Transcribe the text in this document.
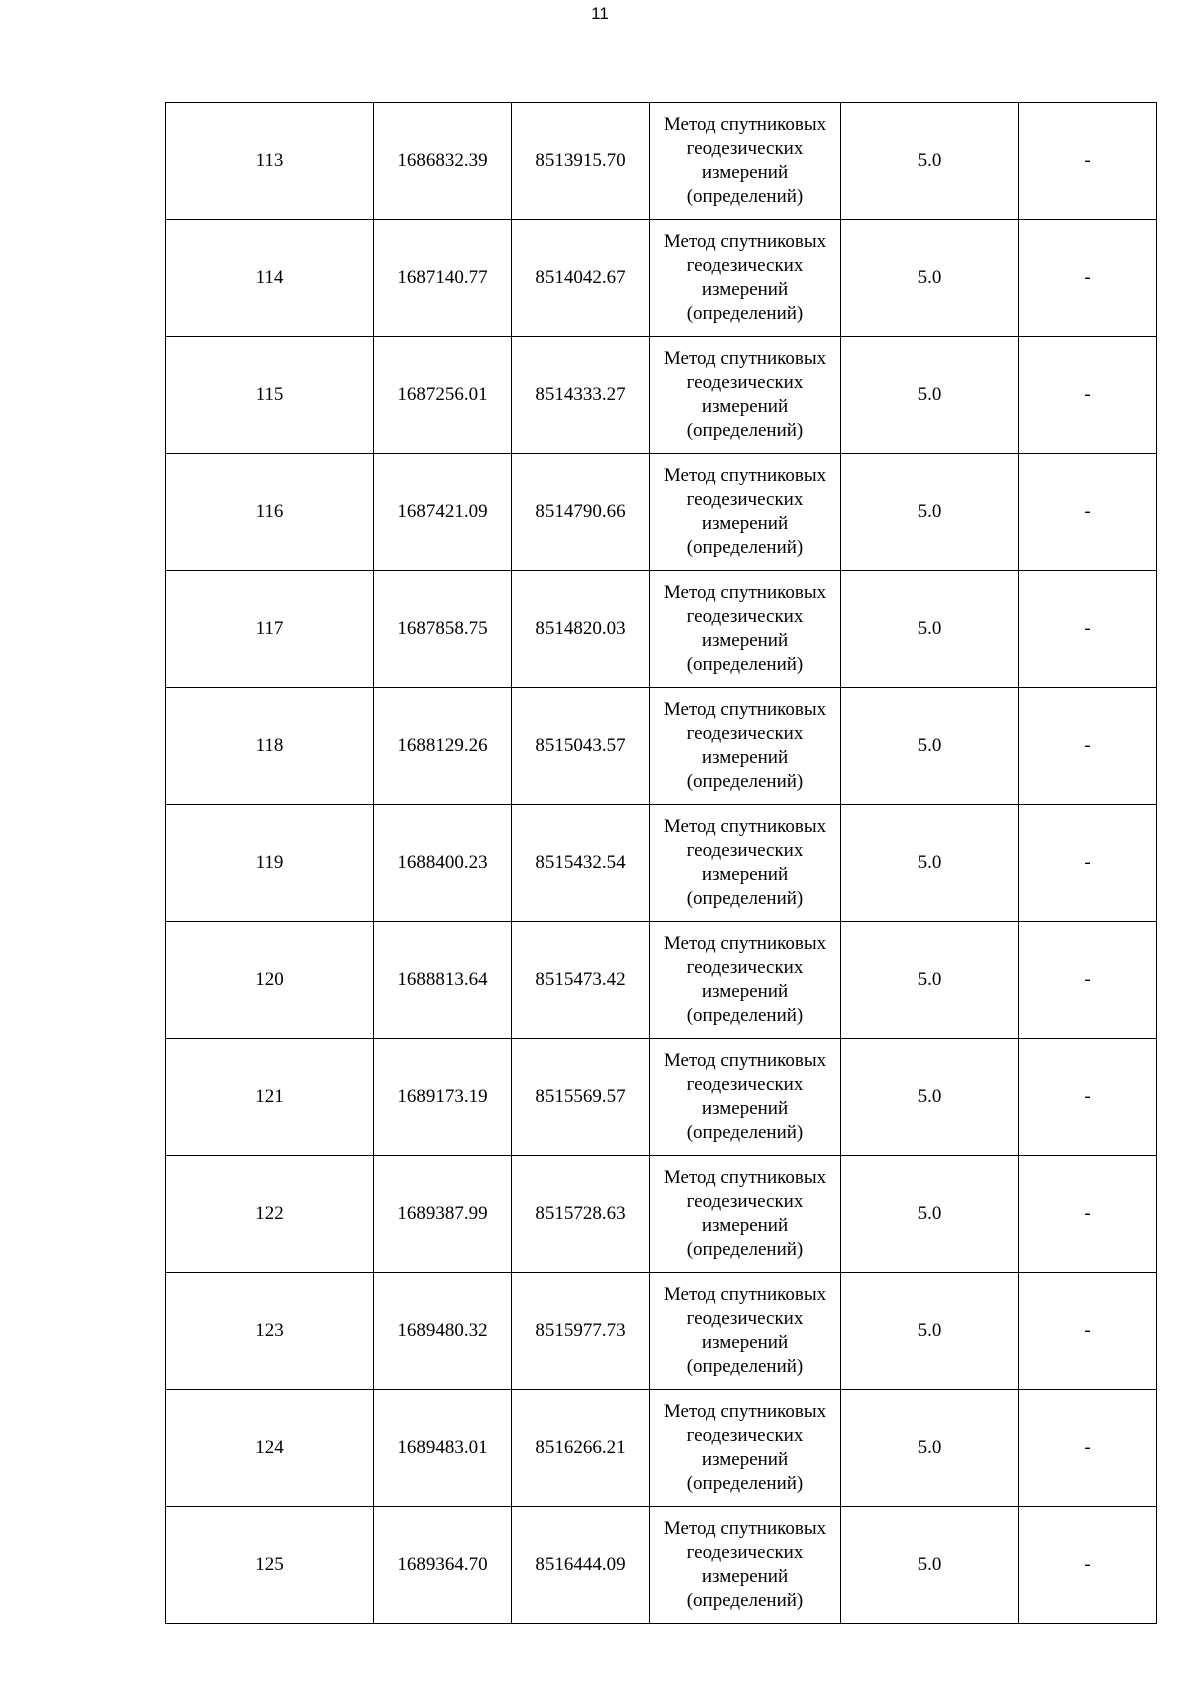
11
113	1686832.39	8513915.70	Метод спутниковых геодезических измерений (определений)	5.0	-
114	1687140.77	8514042.67	Метод спутниковых геодезических измерений (определений)	5.0	-
115	1687256.01	8514333.27	Метод спутниковых геодезических измерений (определений)	5.0	-
116	1687421.09	8514790.66	Метод спутниковых геодезических измерений (определений)	5.0	-
117	1687858.75	8514820.03	Метод спутниковых геодезических измерений (определений)	5.0	-
118	1688129.26	8515043.57	Метод спутниковых геодезических измерений (определений)	5.0	-
119	1688400.23	8515432.54	Метод спутниковых геодезических измерений (определений)	5.0	-
120	1688813.64	8515473.42	Метод спутниковых геодезических измерений (определений)	5.0	-
121	1689173.19	8515569.57	Метод спутниковых геодезических измерений (определений)	5.0	-
122	1689387.99	8515728.63	Метод спутниковых геодезических измерений (определений)	5.0	-
123	1689480.32	8515977.73	Метод спутниковых геодезических измерений (определений)	5.0	-
124	1689483.01	8516266.21	Метод спутниковых геодезических измерений (определений)	5.0	-
125	1689364.70	8516444.09	Метод спутниковых геодезических измерений (определений)	5.0	-
